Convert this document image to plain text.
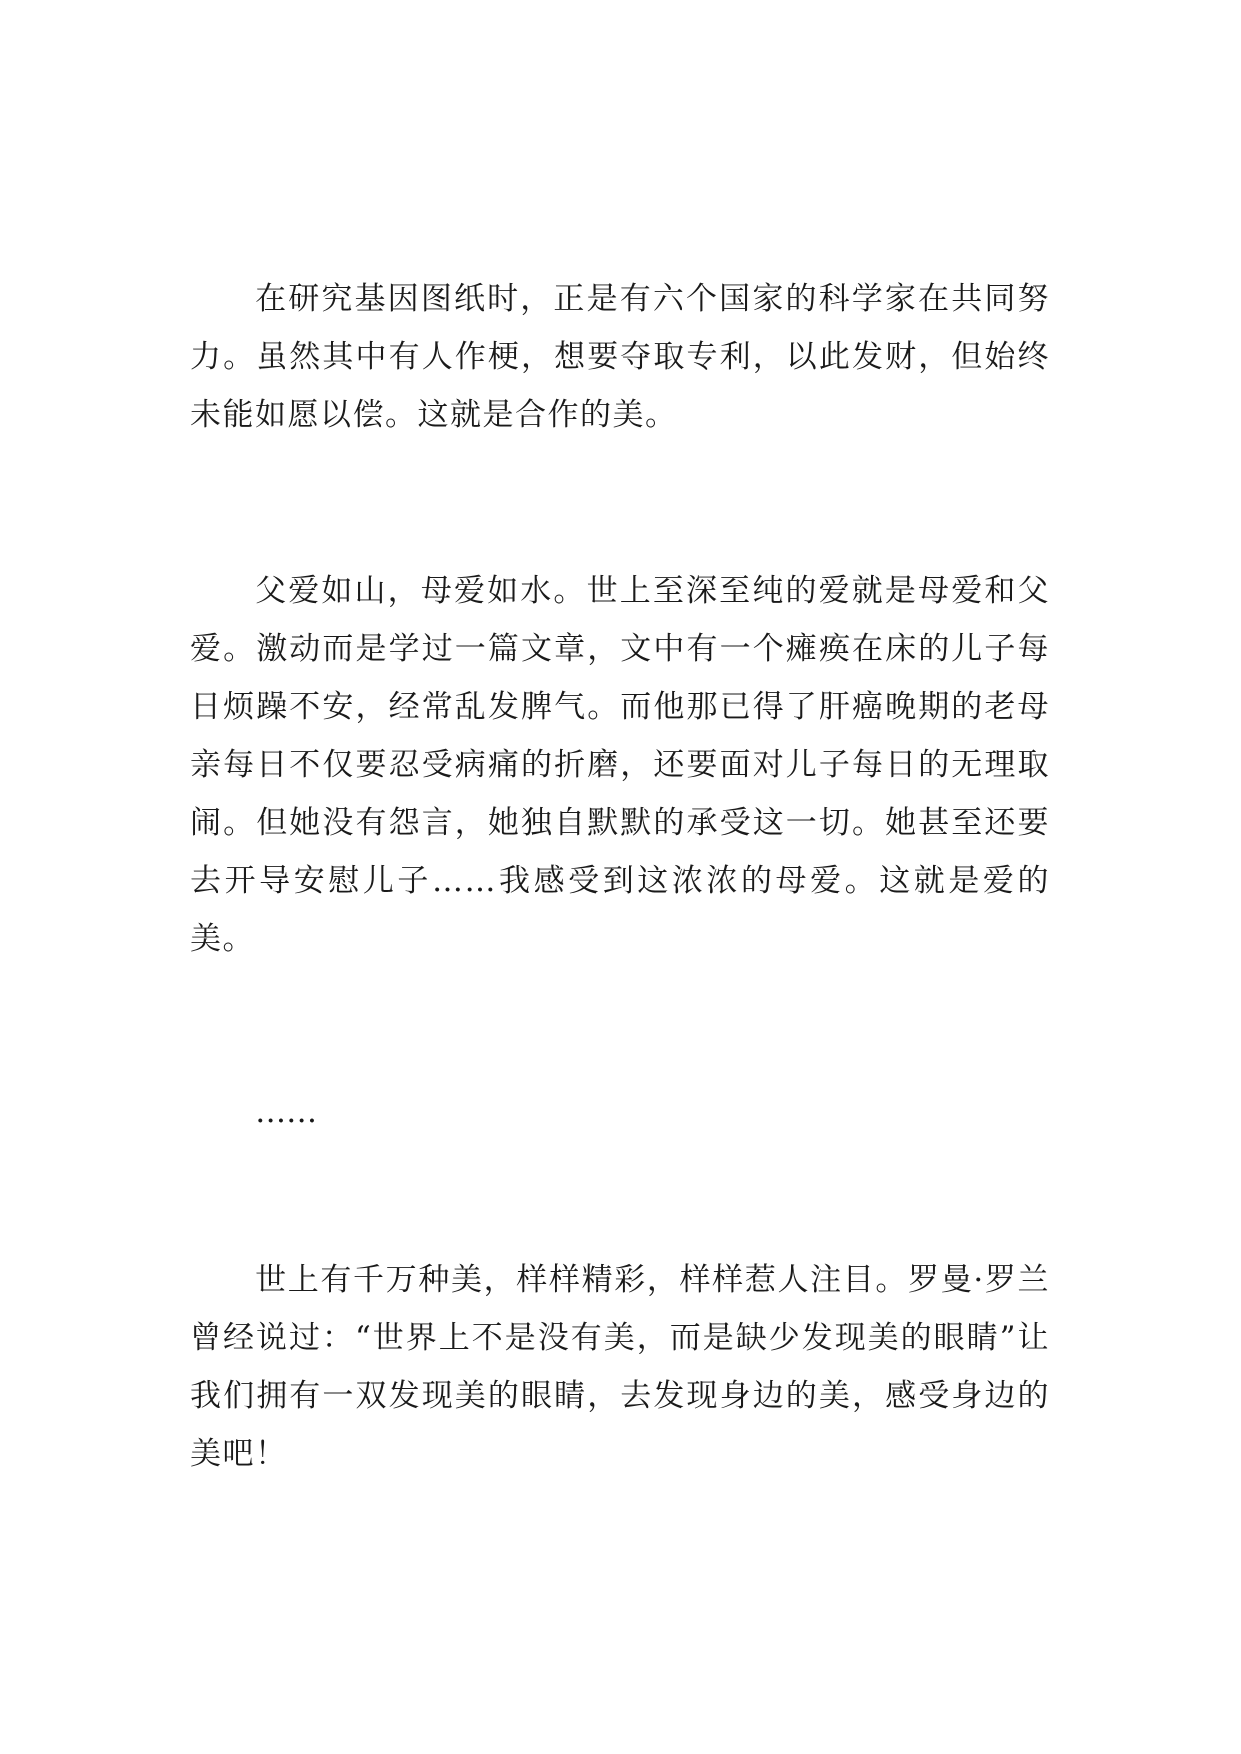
在研究基因图纸时，正是有六个国家的科学家在共同努力。虽然其中有人作梗，想要夺取专利，以此发财，但始终未能如愿以偿。这就是合作的美。

父爱如山，母爱如水。世上至深至纯的爱就是母爱和父爱。激动而是学过一篇文章，文中有一个瘫痪在床的儿子每日烦躁不安，经常乱发脾气。而他那已得了肝癌晚期的老母亲每日不仅要忍受病痛的折磨，还要面对儿子每日的无理取闹。但她没有怨言，她独自默默的承受这一切。她甚至还要去开导安慰儿子……我感受到这浓浓的母爱。这就是爱的美。

……

世上有千万种美，样样精彩，样样惹人注目。罗曼·罗兰曾经说过：“世界上不是没有美，而是缺少发现美的眼睛”让我们拥有一双发现美的眼睛，去发现身边的美，感受身边的美吧！
